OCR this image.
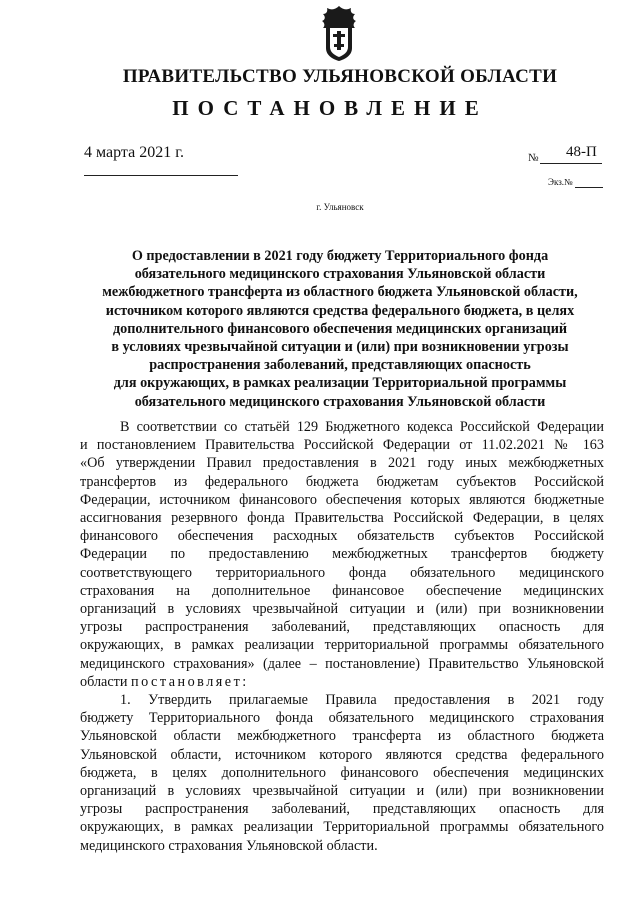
ПРАВИТЕЛЬСТВО УЛЬЯНОВСКОЙ ОБЛАСТИ
ПОСТАНОВЛЕНИЕ
4 марта 2021 г.	№ 48-П
Экз.№
г. Ульяновск
О предоставлении в 2021 году бюджету Территориального фонда
обязательного медицинского страхования Ульяновской области
межбюджетного трансферта из областного бюджета Ульяновской области,
источником которого являются средства федерального бюджета, в целях
дополнительного финансового обеспечения медицинских организаций
в условиях чрезвычайной ситуации и (или) при возникновении угрозы
распространения заболеваний, представляющих опасность
для окружающих, в рамках реализации Территориальной программы
обязательного медицинского страхования Ульяновской области
В соответствии со статьёй 129 Бюджетного кодекса Российской Федерации
и постановлением Правительства Российской Федерации от 11.02.2021 № 163
«Об утверждении Правил предоставления в 2021 году иных межбюджетных
трансфертов из федерального бюджета бюджетам субъектов Российской
Федерации, источником финансового обеспечения которых являются бюджетные
ассигнования резервного фонда Правительства Российской Федерации, в целях
финансового обеспечения расходных обязательств субъектов Российской
Федерации по предоставлению межбюджетных трансфертов бюджету
соответствующего территориального фонда обязательного медицинского
страхования на дополнительное финансовое обеспечение медицинских
организаций в условиях чрезвычайной ситуации и (или) при возникновении
угрозы распространения заболеваний, представляющих опасность для
окружающих, в рамках реализации территориальной программы обязательного
медицинского страхования» (далее – постановление) Правительство Ульяновской
области постановляет:
1. Утвердить прилагаемые Правила предоставления в 2021 году
бюджету Территориального фонда обязательного медицинского страхования
Ульяновской области межбюджетного трансферта из областного бюджета
Ульяновской области, источником которого являются средства федерального
бюджета, в целях дополнительного финансового обеспечения медицинских
организаций в условиях чрезвычайной ситуации и (или) при возникновении
угрозы распространения заболеваний, представляющих опасность для
окружающих, в рамках реализации Территориальной программы обязательного
медицинского страхования Ульяновской области.
